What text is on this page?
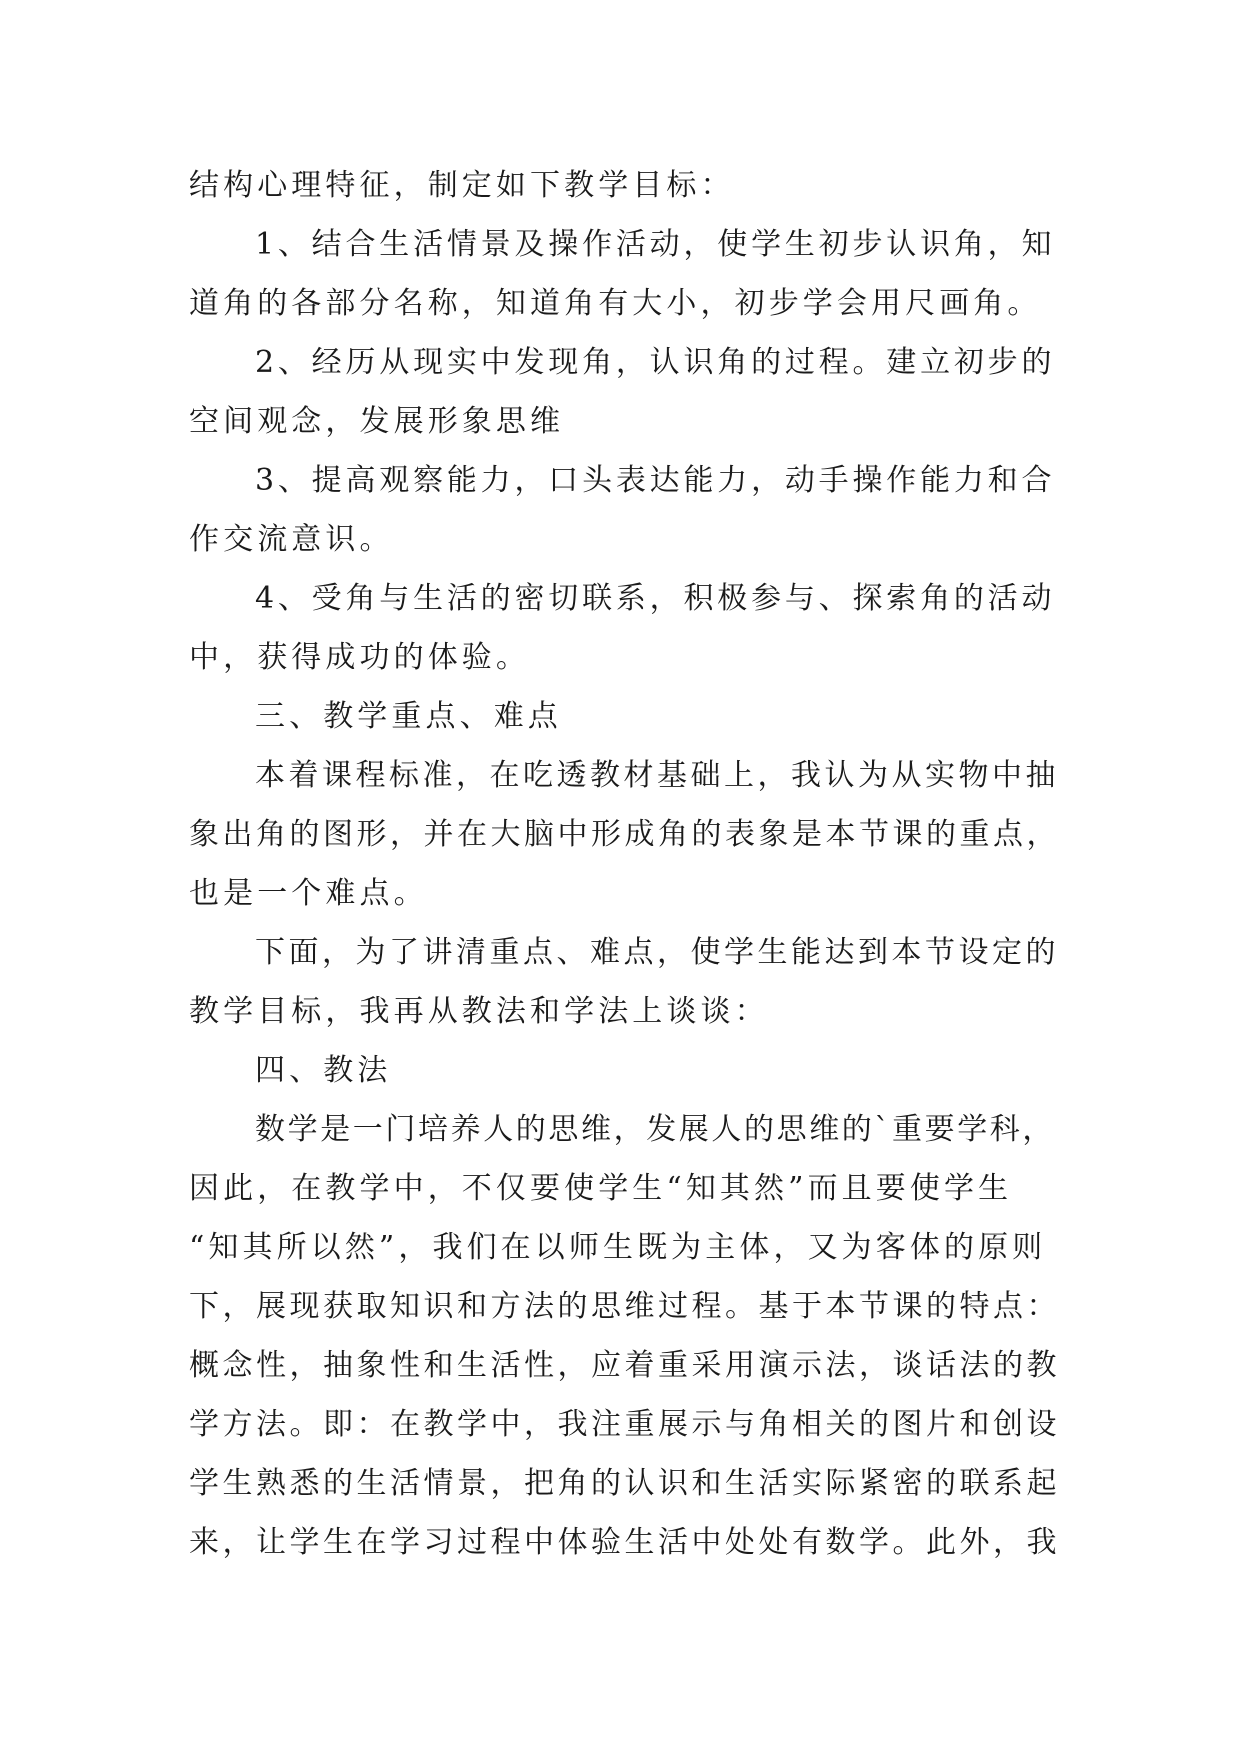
结构心理特征，制定如下教学目标：
1、结合生活情景及操作活动，使学生初步认识角，知
道角的各部分名称，知道角有大小，初步学会用尺画角。
2、经历从现实中发现角，认识角的过程。建立初步的
空间观念，发展形象思维
3、提高观察能力，口头表达能力，动手操作能力和合
作交流意识。
4、受角与生活的密切联系，积极参与、探索角的活动
中，获得成功的体验。
三、教学重点、难点
本着课程标准，在吃透教材基础上，我认为从实物中抽
象出角的图形，并在大脑中形成角的表象是本节课的重点，
也是一个难点。
下面，为了讲清重点、难点，使学生能达到本节设定的
教学目标，我再从教法和学法上谈谈：
四、教法
数学是一门培养人的思维，发展人的思维的`重要学科，
因此，在教学中，不仅要使学生“知其然”而且要使学生
“知其所以然”，我们在以师生既为主体，又为客体的原则
下，展现获取知识和方法的思维过程。基于本节课的特点：
概念性，抽象性和生活性，应着重采用演示法，谈话法的教
学方法。即：在教学中，我注重展示与角相关的图片和创设
学生熟悉的生活情景，把角的认识和生活实际紧密的联系起
来，让学生在学习过程中体验生活中处处有数学。此外，我
